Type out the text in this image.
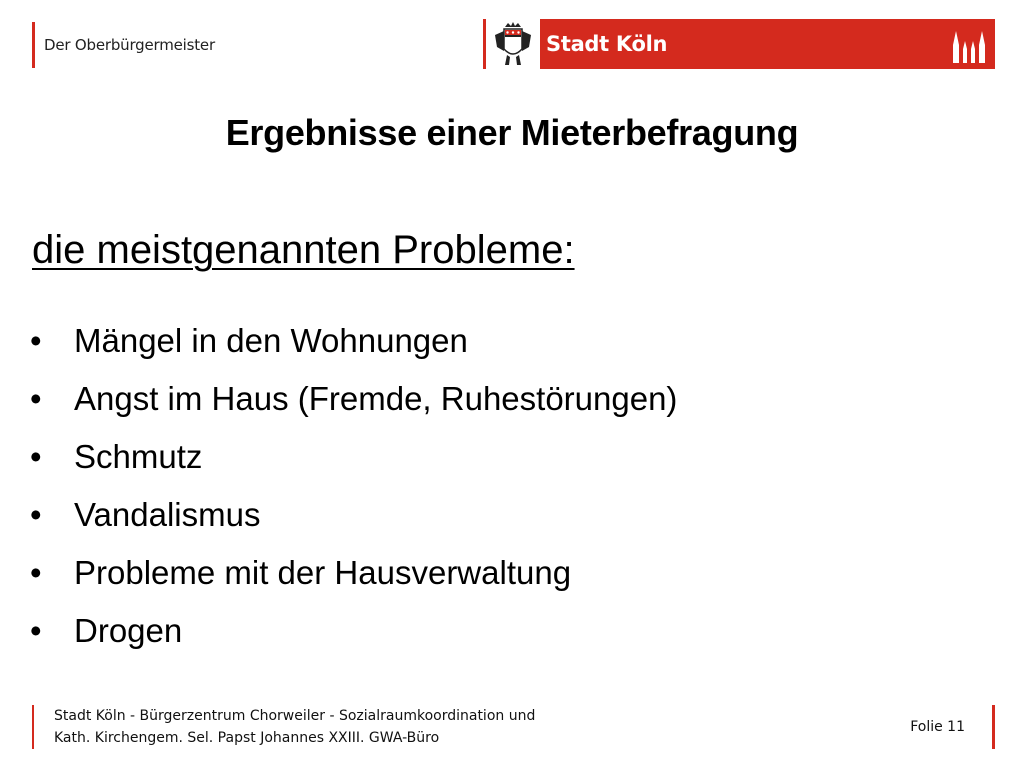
Der Oberbürgermeister	Stadt Köln
Ergebnisse einer Mieterbefragung
die meistgenannten Probleme:
• Mängel in den Wohnungen
• Angst im Haus (Fremde, Ruhestörungen)
• Schmutz
• Vandalismus
• Probleme mit der Hausverwaltung
• Drogen
Stadt Köln - Bürgerzentrum Chorweiler - Sozialraumkoordination und
Kath. Kirchengem. Sel. Papst Johannes XXIII. GWA-Büro
Folie 11
